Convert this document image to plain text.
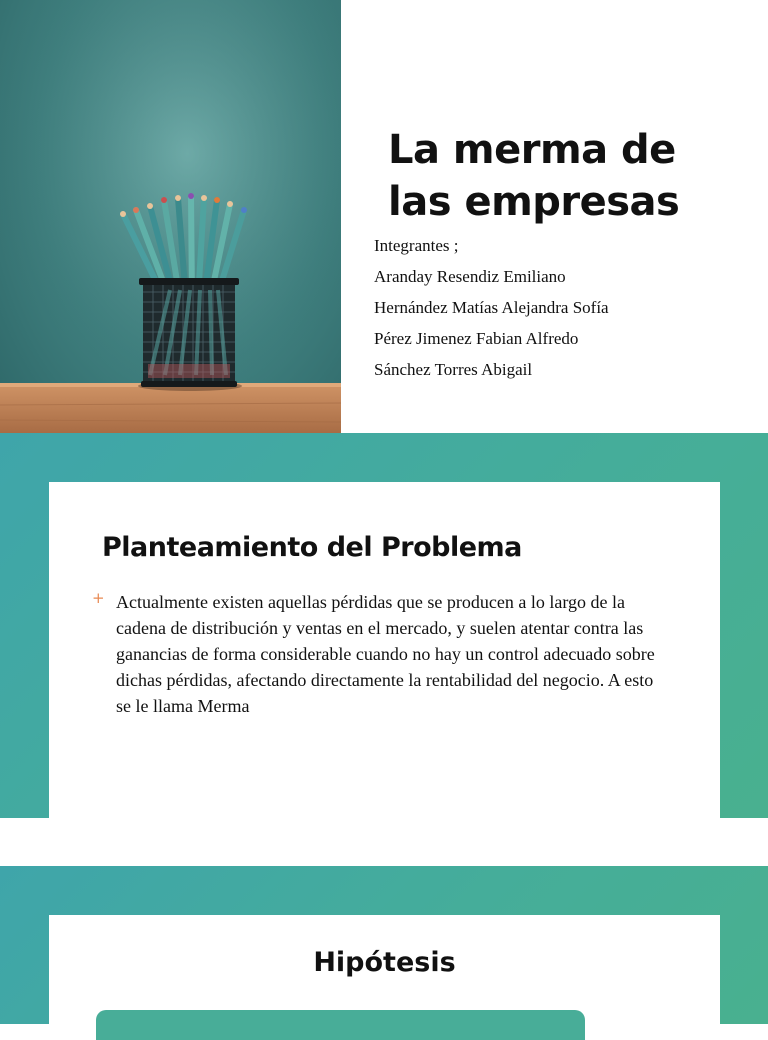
La merma de las empresas
Integrantes ;
Aranday Resendiz Emiliano
Hernández Matías Alejandra Sofía
Pérez Jimenez Fabian Alfredo
Sánchez Torres Abigail
Planteamiento del Problema
+ Actualmente existen aquellas pérdidas que se producen a lo largo de la cadena de distribución y ventas en el mercado, y suelen atentar contra las ganancias de forma considerable cuando no hay un control adecuado sobre dichas pérdidas, afectando directamente la rentabilidad del negocio. A esto se le llama Merma

Hipótesis
